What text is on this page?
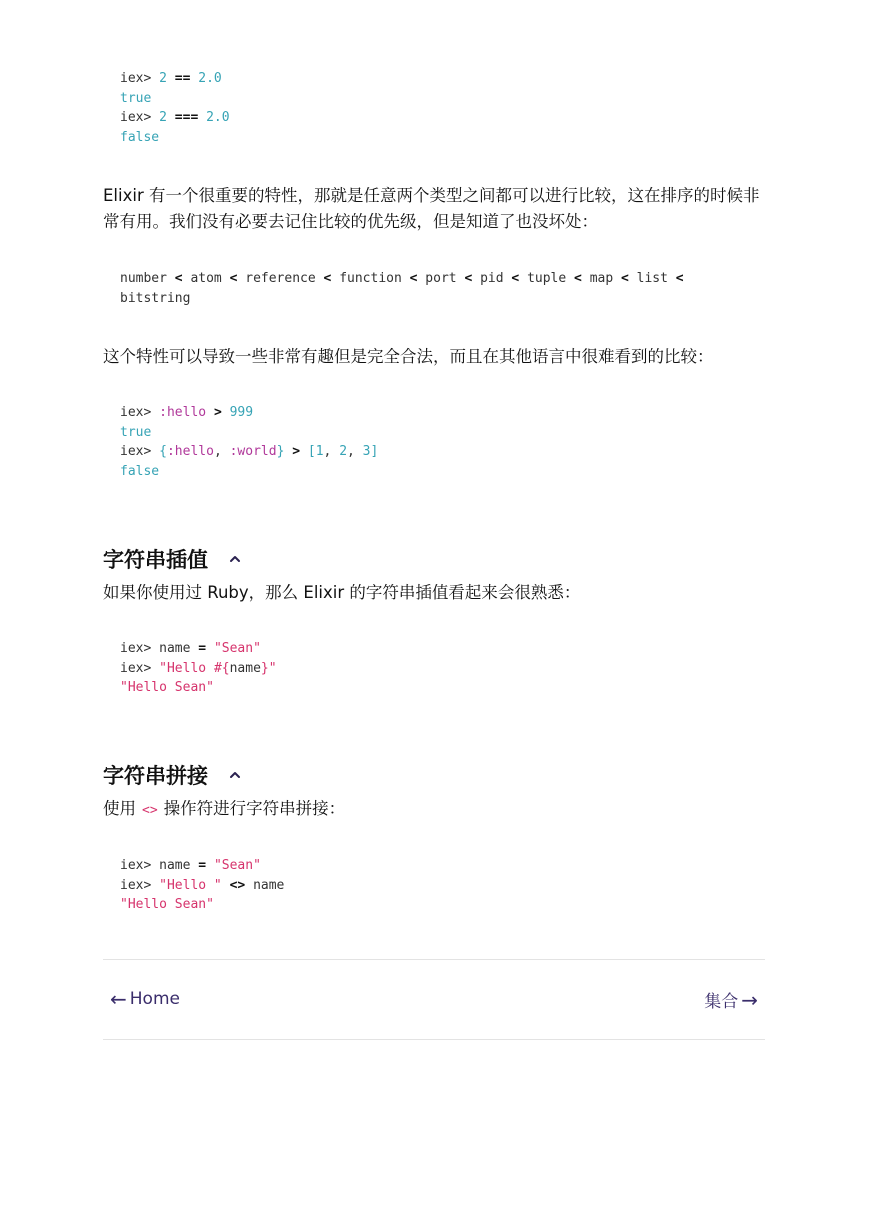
iex> 2 == 2.0
true
iex> 2 === 2.0
false

Elixir 有一个很重要的特性，那就是任意两个类型之间都可以进行比较，这在排序的时候非常有用。我们没有必要去记住比较的优先级，但是知道了也没坏处：

number < atom < reference < function < port < pid < tuple < map < list <
bitstring

这个特性可以导致一些非常有趣但是完全合法，而且在其他语言中很难看到的比较：

iex> :hello > 999
true
iex> {:hello, :world} > [1, 2, 3]
false
字符串插值

如果你使用过 Ruby，那么 Elixir 的字符串插值看起来会很熟悉：

iex> name = "Sean"
iex> "Hello #{name}"
"Hello Sean"
字符串拼接

使用 <> 操作符进行字符串拼接：

iex> name = "Sean"
iex> "Hello " <> name
"Hello Sean"
← Home	集合 →
